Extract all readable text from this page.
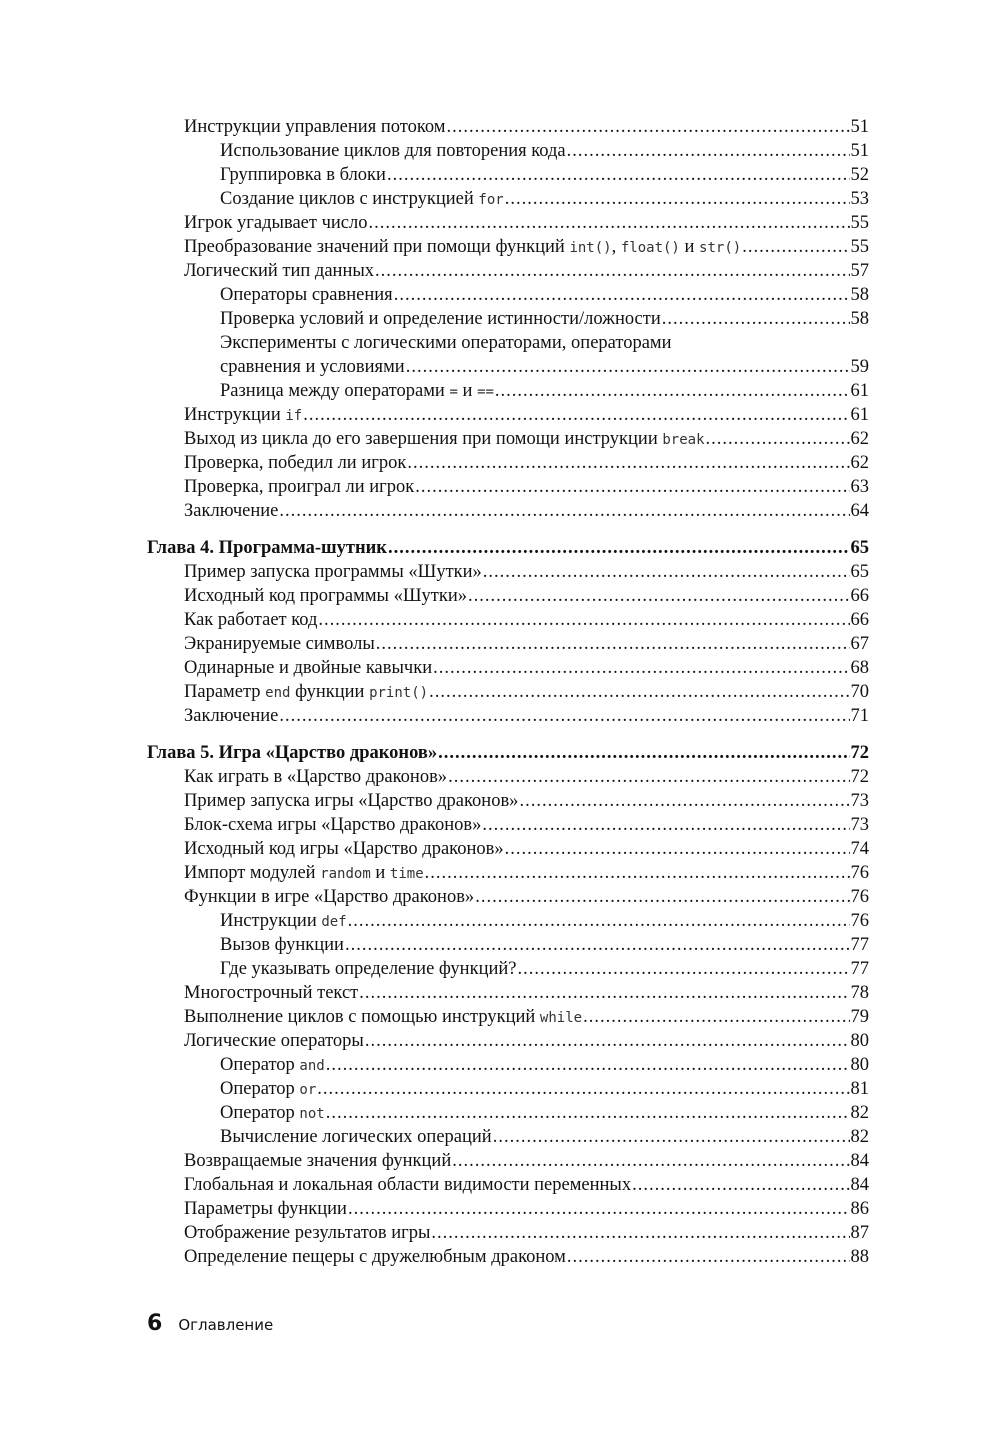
Инструкции управления потоком .....	51
Использование циклов для повторения кода .....	51
Группировка в блоки .....	52
Создание циклов с инструкцией for .....	53
Игрок угадывает число .....	55
Преобразование значений при помощи функций int(), float() и str() .....	55
Логический тип данных .....	57
Операторы сравнения .....	58
Проверка условий и определение истинности/ложности .....	58
Эксперименты с логическими операторами, операторами
сравнения и условиями .....	59
Разница между операторами = и == .....	61
Инструкции if .....	61
Выход из цикла до его завершения при помощи инструкции break .....	62
Проверка, победил ли игрок .....	62
Проверка, проиграл ли игрок .....	63
Заключение .....	64
Глава 4. Программа-шутник .....	65
Пример запуска программы «Шутки» .....	65
Исходный код программы «Шутки» .....	66
Как работает код .....	66
Экранируемые символы .....	67
Одинарные и двойные кавычки .....	68
Параметр end функции print() .....	70
Заключение .....	71
Глава 5. Игра «Царство драконов» .....	72
Как играть в «Царство драконов» .....	72
Пример запуска игры «Царство драконов» .....	73
Блок-схема игры «Царство драконов» .....	73
Исходный код игры «Царство драконов» .....	74
Импорт модулей random и time .....	76
Функции в игре «Царство драконов» .....	76
Инструкции def .....	76
Вызов функции .....	77
Где указывать определение функций? .....	77
Многострочный текст .....	78
Выполнение циклов с помощью инструкций while .....	79
Логические операторы .....	80
Оператор and .....	80
Оператор or .....	81
Оператор not .....	82
Вычисление логических операций .....	82
Возвращаемые значения функций .....	84
Глобальная и локальная области видимости переменных .....	84
Параметры функции .....	86
Отображение результатов игры .....	87
Определение пещеры с дружелюбным драконом .....	88
6 Оглавление
